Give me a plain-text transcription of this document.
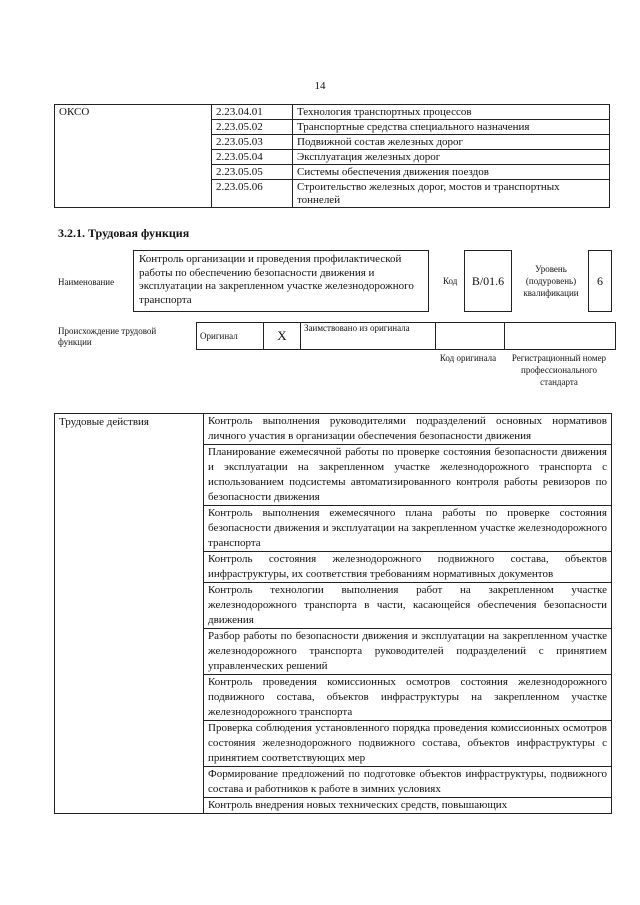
14
ОКСО	2.23.04.01	Технология транспортных процессов
	2.23.05.02	Транспортные средства специального назначения
	2.23.05.03	Подвижной состав железных дорог
	2.23.05.04	Эксплуатация железных дорог
	2.23.05.05	Системы обеспечения движения поездов
	2.23.05.06	Строительство железных дорог, мостов и транспортных тоннелей
3.2.1. Трудовая функция
Наименование
Контроль организации и проведения профилактической работы по обеспечению безопасности движения и эксплуатации на закрепленном участке железнодорожного транспорта
Код	В/01.6
Уровень (подуровень) квалификации
6
Происхождение трудовой функции
Оригинал	X	Заимствовано из оригинала		
Код оригинала	Регистрационный номер профессионального стандарта
Трудовые действия	Контроль выполнения руководителями подразделений основных нормативов личного участия в организации обеспечения безопасности движения
Планирование ежемесячной работы по проверке состояния безопасности движения и эксплуатации на закрепленном участке железнодорожного транспорта с использованием подсистемы автоматизированного контроля работы ревизоров по безопасности движения
Контроль выполнения ежемесячного плана работы по проверке состояния безопасности движения и эксплуатации на закрепленном участке железнодорожного транспорта
Контроль состояния железнодорожного подвижного состава, объектов инфраструктуры, их соответствия требованиям нормативных документов
Контроль технологии выполнения работ на закрепленном участке железнодорожного транспорта в части, касающейся обеспечения безопасности движения
Разбор работы по безопасности движения и эксплуатации на закрепленном участке железнодорожного транспорта руководителей подразделений с принятием управленческих решений
Контроль проведения комиссионных осмотров состояния железнодорожного подвижного состава, объектов инфраструктуры на закрепленном участке железнодорожного транспорта
Проверка соблюдения установленного порядка проведения комиссионных осмотров состояния железнодорожного подвижного состава, объектов инфраструктуры с принятием соответствующих мер
Формирование предложений по подготовке объектов инфраструктуры, подвижного состава и работников к работе в зимних условиях
Контроль внедрения новых технических средств, повышающих
